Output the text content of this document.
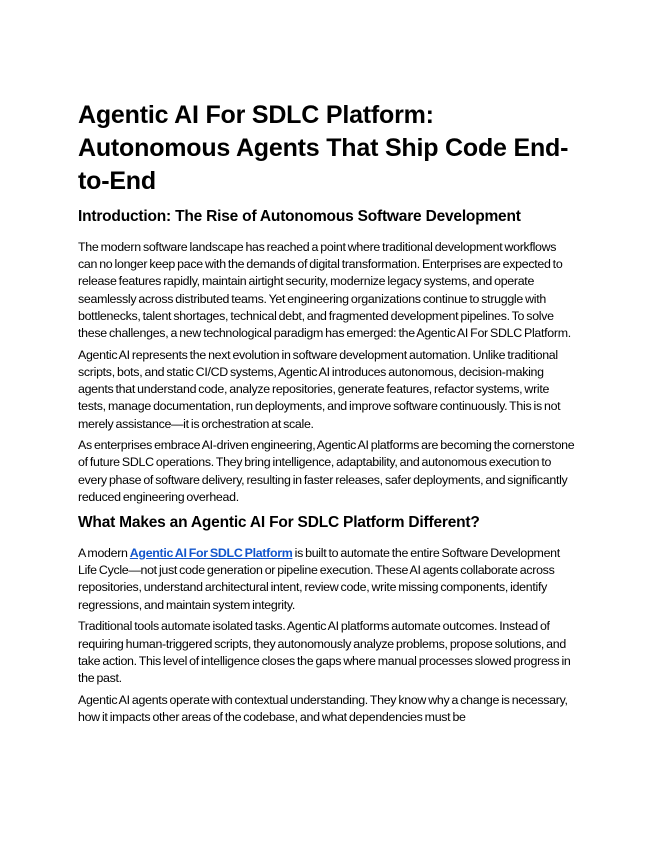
Agentic AI For SDLC Platform: Autonomous Agents That Ship Code End-to-End
Introduction: The Rise of Autonomous Software Development

The modern software landscape has reached a point where traditional development workflows can no longer keep pace with the demands of digital transformation. Enterprises are expected to release features rapidly, maintain airtight security, modernize legacy systems, and operate seamlessly across distributed teams. Yet engineering organizations continue to struggle with bottlenecks, talent shortages, technical debt, and fragmented development pipelines. To solve these challenges, a new technological paradigm has emerged: the Agentic AI For SDLC Platform.

Agentic AI represents the next evolution in software development automation. Unlike traditional scripts, bots, and static CI/CD systems, Agentic AI introduces autonomous, decision-making agents that understand code, analyze repositories, generate features, refactor systems, write tests, manage documentation, run deployments, and improve software continuously. This is not merely assistance—it is orchestration at scale.

As enterprises embrace AI-driven engineering, Agentic AI platforms are becoming the cornerstone of future SDLC operations. They bring intelligence, adaptability, and autonomous execution to every phase of software delivery, resulting in faster releases, safer deployments, and significantly reduced engineering overhead.

What Makes an Agentic AI For SDLC Platform Different?

A modern Agentic AI For SDLC Platform is built to automate the entire Software Development Life Cycle—not just code generation or pipeline execution. These AI agents collaborate across repositories, understand architectural intent, review code, write missing components, identify regressions, and maintain system integrity.

Traditional tools automate isolated tasks. Agentic AI platforms automate outcomes. Instead of requiring human-triggered scripts, they autonomously analyze problems, propose solutions, and take action. This level of intelligence closes the gaps where manual processes slowed progress in the past.

Agentic AI agents operate with contextual understanding. They know why a change is necessary, how it impacts other areas of the codebase, and what dependencies must be
